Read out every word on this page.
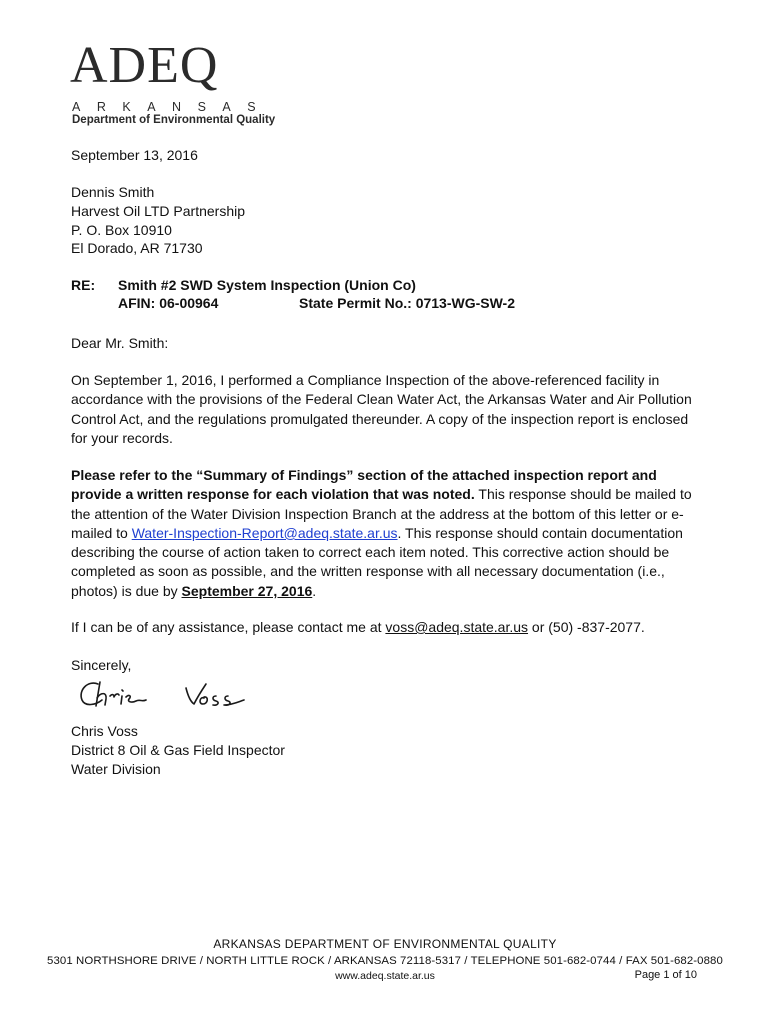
ADEQ
ARKANSAS
Department of Environmental Quality
September 13, 2016
Dennis Smith
Harvest Oil LTD Partnership
P. O. Box 10910
El Dorado, AR 71730
RE: Smith #2 SWD System Inspection (Union Co)
AFIN: 06-00964	State Permit No.: 0713-WG-SW-2
Dear Mr. Smith:

On September 1, 2016, I performed a Compliance Inspection of the above-referenced facility in accordance with the provisions of the Federal Clean Water Act, the Arkansas Water and Air Pollution Control Act, and the regulations promulgated thereunder. A copy of the inspection report is enclosed for your records.

Please refer to the “Summary of Findings” section of the attached inspection report and provide a written response for each violation that was noted. This response should be mailed to the attention of the Water Division Inspection Branch at the address at the bottom of this letter or e-mailed to Water-Inspection-Report@adeq.state.ar.us. This response should contain documentation describing the course of action taken to correct each item noted. This corrective action should be completed as soon as possible, and the written response with all necessary documentation (i.e., photos) is due by September 27, 2016.

If I can be of any assistance, please contact me at voss@adeq.state.ar.us or (50) -837-2077.

Sincerely,
Chris Voss
District 8 Oil & Gas Field Inspector
Water Division
ARKANSAS DEPARTMENT OF ENVIRONMENTAL QUALITY
5301 NORTHSHORE DRIVE / NORTH LITTLE ROCK / ARKANSAS 72118-5317 / TELEPHONE 501-682-0744 / FAX 501-682-0880
www.adeq.state.ar.us	Page 1 of 10
